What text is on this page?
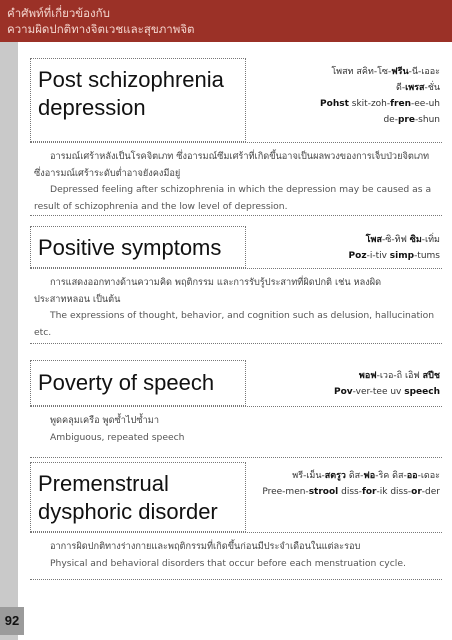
คำศัพท์ที่เกี่ยวข้องกับ
ความผิดปกติทางจิตเวชและสุขภาพจิต
92
Post schizophrenia
depression
โพสท สคิท-โซ-ฟรีน-นี-เออะ
ดี-เพรส-ชั่น
Pohst skit-zoh-fren-ee-uh
de-pre-shun

อารมณ์เศร้าหลังเป็นโรคจิตเภท ซึ่งอารมณ์ซึมเศร้าที่เกิดขึ้นอาจเป็นผลพวงของการเจ็บป่วยจิตเภท ซึ่งอารมณ์เศร้าระดับต่ำอาจยังคงมีอยู่

Depressed feeling after schizophrenia in which the depression may be caused as a result of schizophrenia and the low level of depression.

Positive symptoms	โพส-ซิ-ทิฟ ซิม-เทิ่ม
Poz-i-tiv simp-tums

การแสดงออกทางด้านความคิด พฤติกรรม และการรับรู้ประสาทที่ผิดปกติ เช่น หลงผิด ประสาทหลอน เป็นต้น

The expressions of thought, behavior, and cognition such as delusion, hallucination etc.

Poverty of speech	พอฟ-เวอ-ถิ เอิฟ สปีช
Pov-ver-tee uv speech

พูดคลุมเครือ พูดซ้ำไปซ้ำมา

Ambiguous, repeated speech

Premenstrual
dysphoric disorder
พรี-เม็น-สตรูว ดิส-ฟอ-ริค ดิส-ออ-เดอะ
Pree-men-strool diss-for-ik diss-or-der

อาการผิดปกติทางร่างกายและพฤติกรรมที่เกิดขึ้นก่อนมีประจำเดือนในแต่ละรอบ

Physical and behavioral disorders that occur before each menstruation cycle.
